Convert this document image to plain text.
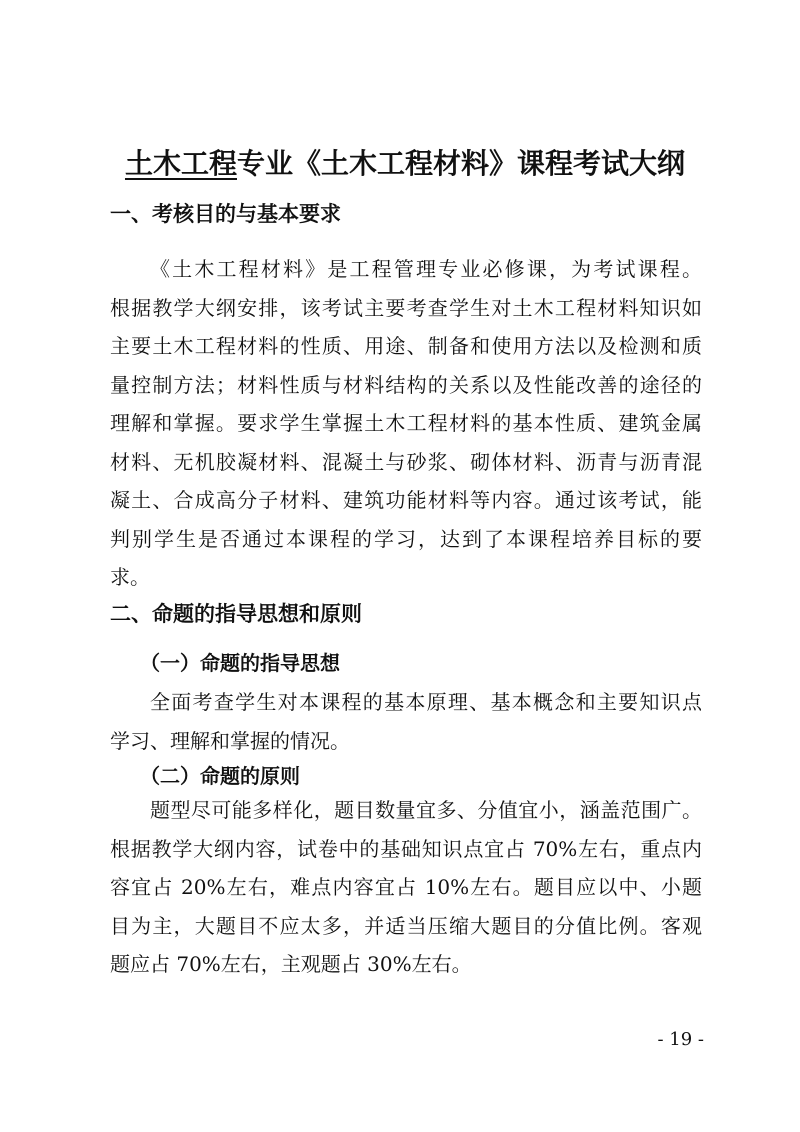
土木工程专业《土木工程材料》课程考试大纲
一、考核目的与基本要求

《土木工程材料》是工程管理专业必修课，为考试课程。
根据教学大纲安排，该考试主要考查学生对土木工程材料知识如
主要土木工程材料的性质、用途、制备和使用方法以及检测和质
量控制方法；材料性质与材料结构的关系以及性能改善的途径的
理解和掌握。要求学生掌握土木工程材料的基本性质、建筑金属
材料、无机胶凝材料、混凝土与砂浆、砌体材料、沥青与沥青混
凝土、合成高分子材料、建筑功能材料等内容。通过该考试，能
判别学生是否通过本课程的学习，达到了本课程培养目标的要
求。

二、命题的指导思想和原则
（一）命题的指导思想

全面考查学生对本课程的基本原理、基本概念和主要知识点
学习、理解和掌握的情况。

（二）命题的原则

题型尽可能多样化，题目数量宜多、分值宜小，涵盖范围广。
根据教学大纲内容，试卷中的基础知识点宜占 70%左右，重点内
容宜占 20%左右，难点内容宜占 10%左右。题目应以中、小题
目为主，大题目不应太多，并适当压缩大题目的分值比例。客观
题应占 70%左右，主观题占 30%左右。

- 19 -
